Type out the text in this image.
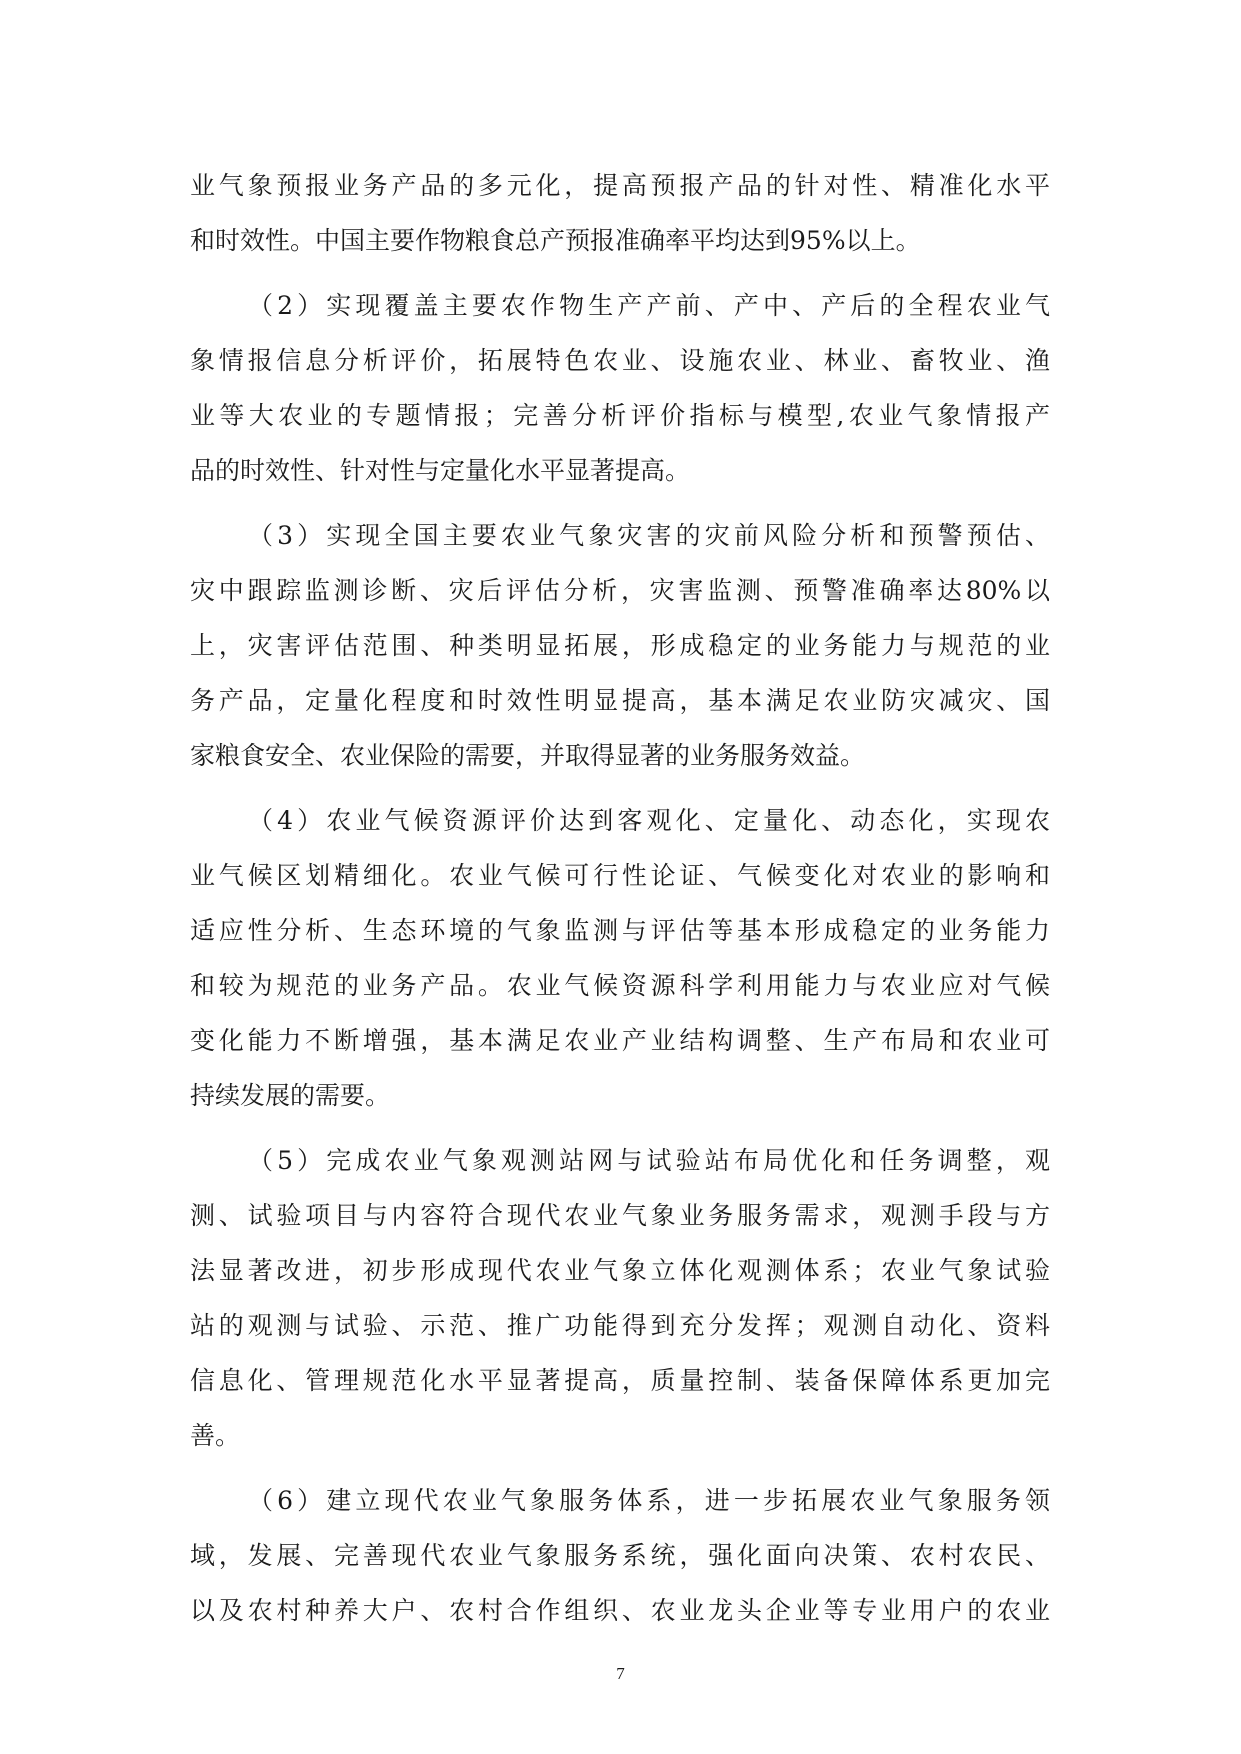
业气象预报业务产品的多元化，提高预报产品的针对性、精准化水平
和时效性。中国主要作物粮食总产预报准确率平均达到95%以上。
（2）实现覆盖主要农作物生产产前、产中、产后的全程农业气
象情报信息分析评价，拓展特色农业、设施农业、林业、畜牧业、渔
业等大农业的专题情报；完善分析评价指标与模型,农业气象情报产
品的时效性、针对性与定量化水平显著提高。
（3）实现全国主要农业气象灾害的灾前风险分析和预警预估、
灾中跟踪监测诊断、灾后评估分析，灾害监测、预警准确率达80%以
上，灾害评估范围、种类明显拓展，形成稳定的业务能力与规范的业
务产品，定量化程度和时效性明显提高，基本满足农业防灾减灾、国
家粮食安全、农业保险的需要，并取得显著的业务服务效益。
（4）农业气候资源评价达到客观化、定量化、动态化，实现农
业气候区划精细化。农业气候可行性论证、气候变化对农业的影响和
适应性分析、生态环境的气象监测与评估等基本形成稳定的业务能力
和较为规范的业务产品。农业气候资源科学利用能力与农业应对气候
变化能力不断增强，基本满足农业产业结构调整、生产布局和农业可
持续发展的需要。
（5）完成农业气象观测站网与试验站布局优化和任务调整，观
测、试验项目与内容符合现代农业气象业务服务需求，观测手段与方
法显著改进，初步形成现代农业气象立体化观测体系；农业气象试验
站的观测与试验、示范、推广功能得到充分发挥；观测自动化、资料
信息化、管理规范化水平显著提高，质量控制、装备保障体系更加完
善。
（6）建立现代农业气象服务体系，进一步拓展农业气象服务领
域，发展、完善现代农业气象服务系统，强化面向决策、农村农民、
以及农村种养大户、农村合作组织、农业龙头企业等专业用户的农业
7
